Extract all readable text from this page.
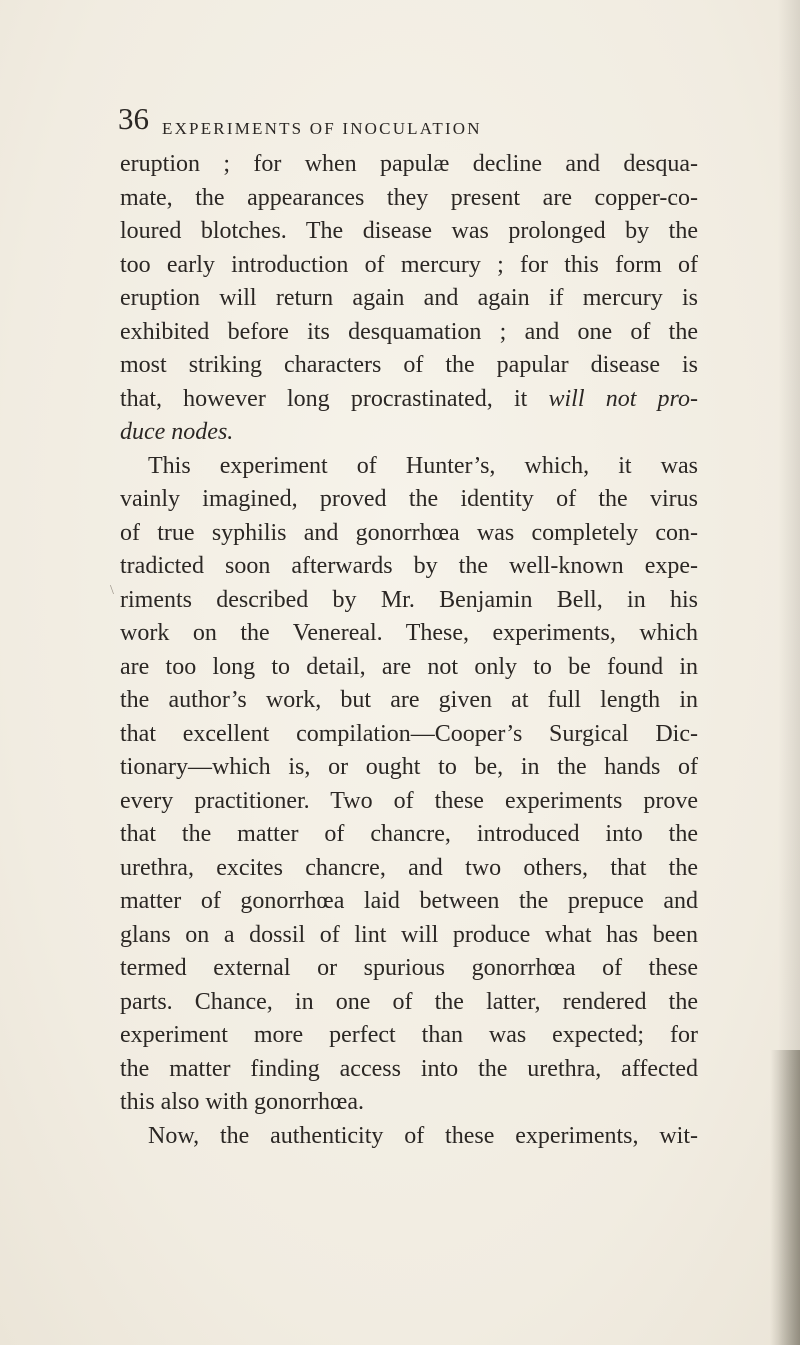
36 EXPERIMENTS OF INOCULATION
\
eruption ; for when papulæ decline and desqua-
mate, the appearances they present are copper-co-
loured blotches. The disease was prolonged by the
too early introduction of mercury ; for this form of
eruption will return again and again if mercury is
exhibited before its desquamation ; and one of the
most striking characters of the papular disease is
that, however long procrastinated, it will not pro-
duce nodes.
This experiment of Hunter’s, which, it was
vainly imagined, proved the identity of the virus
of true syphilis and gonorrhœa was completely con-
tradicted soon afterwards by the well-known expe-
riments described by Mr. Benjamin Bell, in his
work on the Venereal. These, experiments, which
are too long to detail, are not only to be found in
the author’s work, but are given at full length in
that excellent compilation—Cooper’s Surgical Dic-
tionary—which is, or ought to be, in the hands of
every practitioner. Two of these experiments prove
that the matter of chancre, introduced into the
urethra, excites chancre, and two others, that the
matter of gonorrhœa laid between the prepuce and
glans on a dossil of lint will produce what has been
termed external or spurious gonorrhœa of these
parts. Chance, in one of the latter, rendered the
experiment more perfect than was expected; for
the matter finding access into the urethra, affected
this also with gonorrhœa.
Now, the authenticity of these experiments, wit-
